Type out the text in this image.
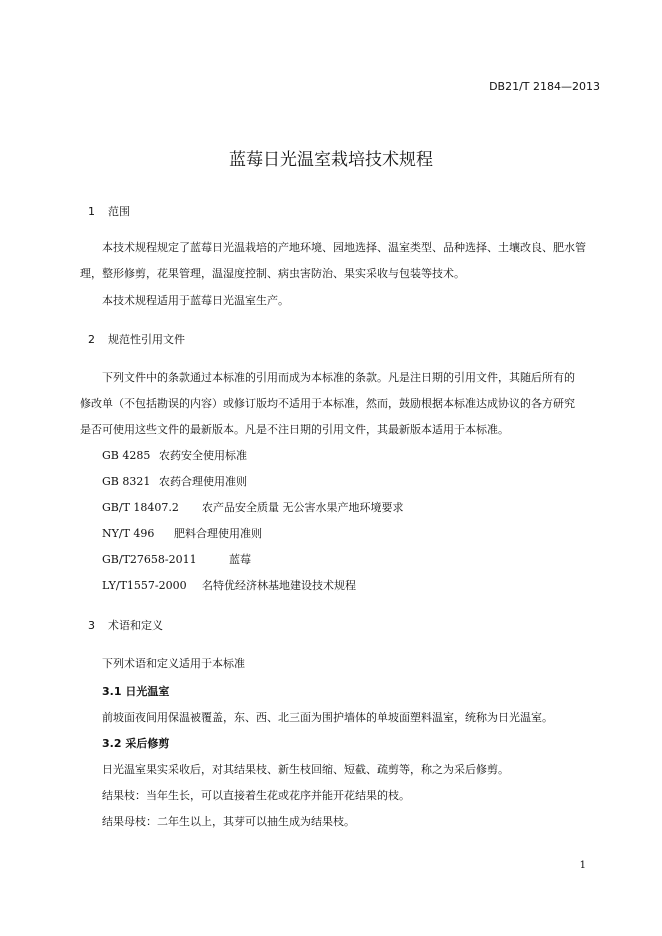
DB21/T 2184—2013
蓝莓日光温室栽培技术规程
1 范围
本技术规程规定了蓝莓日光温栽培的产地环境、园地选择、温室类型、品种选择、土壤改良、肥水管
理，整形修剪，花果管理，温湿度控制、病虫害防治、果实采收与包装等技术。
本技术规程适用于蓝莓日光温室生产。
2 规范性引用文件
下列文件中的条款通过本标准的引用而成为本标准的条款。凡是注日期的引用文件，其随后所有的
修改单（不包括勘误的内容）或修订版均不适用于本标准，然而，鼓励根据本标准达成协议的各方研究
是否可使用这些文件的最新版本。凡是不注日期的引用文件，其最新版本适用于本标准。
GB 4285 农药安全使用标准
GB 8321 农药合理使用准则
GB/T 18407.2 农产品安全质量 无公害水果产地环境要求
NY/T 496 肥料合理使用准则
GB/T27658-2011	蓝莓
LY/T1557-2000 名特优经济林基地建设技术规程
3 术语和定义
下列术语和定义适用于本标准
3.1 日光温室
前坡面夜间用保温被覆盖，东、西、北三面为围护墙体的单坡面塑料温室，统称为日光温室。
3.2 采后修剪
日光温室果实采收后，对其结果枝、新生枝回缩、短截、疏剪等，称之为采后修剪。
结果枝：当年生长，可以直接着生花或花序并能开花结果的枝。
结果母枝：二年生以上，其芽可以抽生成为结果枝。
1
